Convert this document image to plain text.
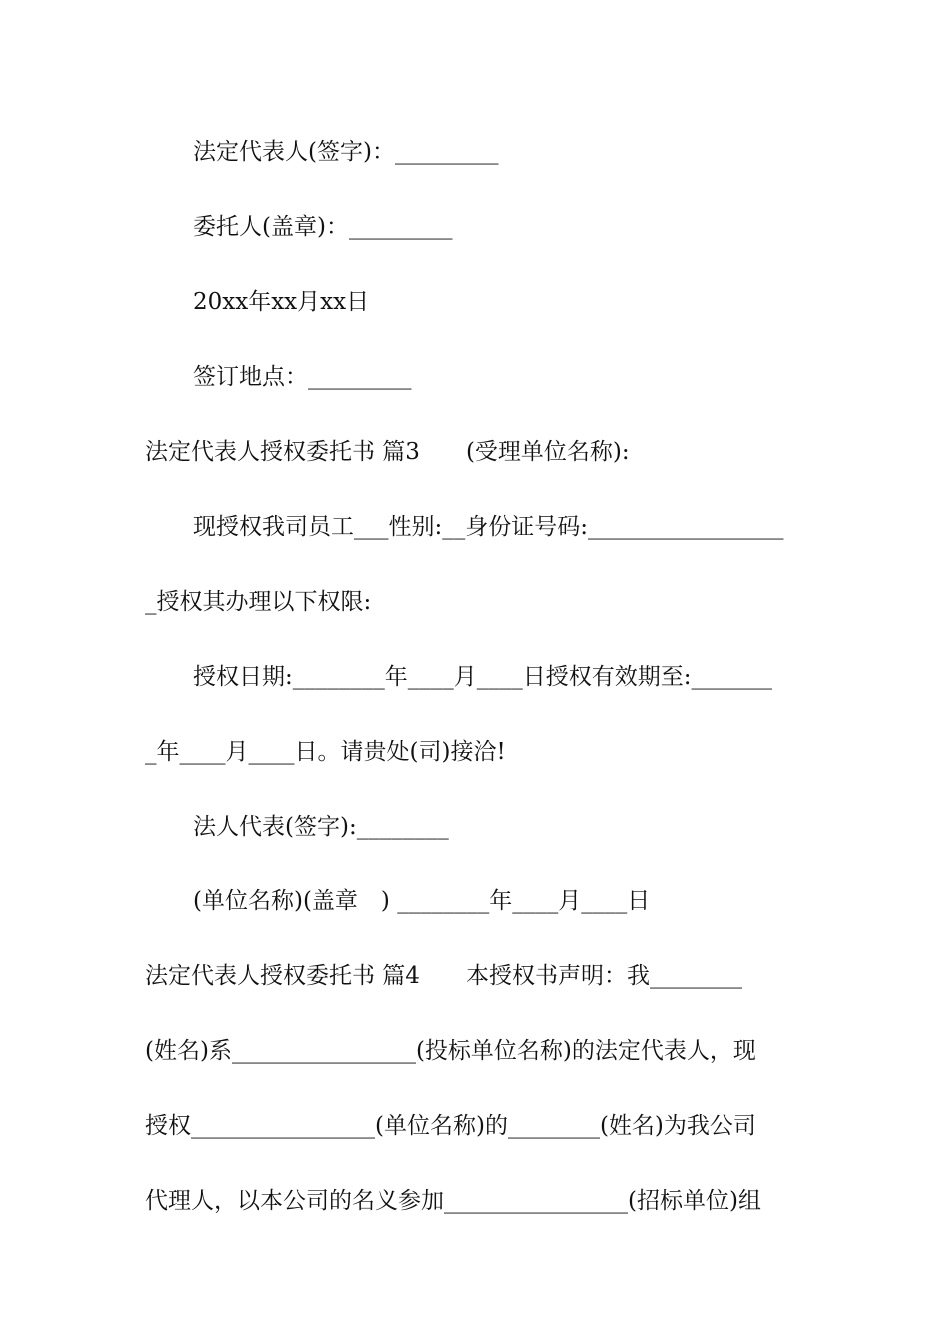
法定代表人(签字)：_________
委托人(盖章)：_________
20xx年xx月xx日
签订地点：_________
法定代表人授权委托书 篇3　　(受理单位名称):
现授权我司员工___性别:__身份证号码:_________________
_授权其办理以下权限:
授权日期:________年____月____日授权有效期至:_______
_年____月____日。请贵处(司)接洽!
法人代表(签字):________
(单位名称)(盖章　) ________年____月____日
法定代表人授权委托书 篇4　　本授权书声明：我________
(姓名)系________________(投标单位名称)的法定代表人，现
授权________________(单位名称)的________(姓名)为我公司
代理人，以本公司的名义参加________________(招标单位)组
